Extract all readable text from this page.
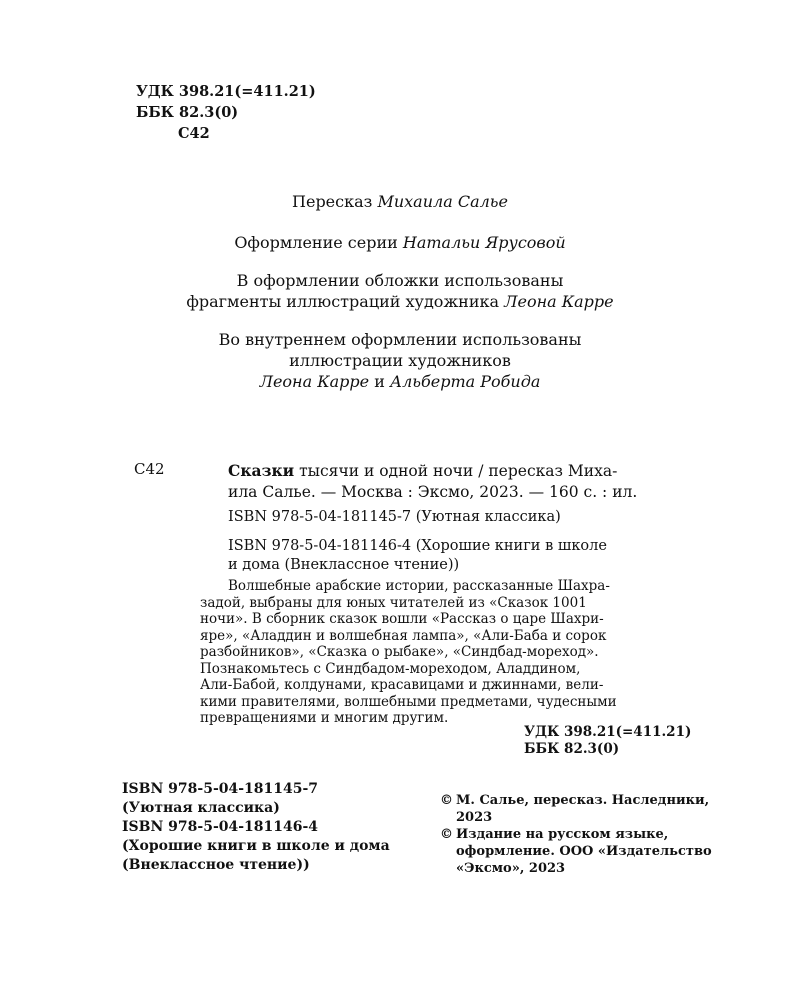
УДК 398.21(=411.21)
ББК 82.3(0)
С42
Пересказ Михаила Салье
Оформление серии Натальи Ярусовой
В оформлении обложки использованы
фрагменты иллюстраций художника Леона Карре
Во внутреннем оформлении использованы
иллюстрации художников
Леона Карре и Альберта Робида
С42	Сказки тысячи и одной ночи / пересказ Миха-
ила Салье. — Москва : Эксмо, 2023. — 160 с. : ил.
ISBN 978-5-04-181145-7 (Уютная классика)
ISBN 978-5-04-181146-4 (Хорошие книги в школе
и дома (Внеклассное чтение))
Волшебные арабские истории, рассказанные Шахра-
задой, выбраны для юных читателей из «Сказок 1001
ночи». В сборник сказок вошли «Рассказ о царе Шахри-
яре», «Аладдин и волшебная лампа», «Али-Баба и сорок
разбойников», «Сказка о рыбаке», «Синдбад-мореход».
Познакомьтесь с Синдбадом-мореходом, Аладдином,
Али-Бабой, колдунами, красавицами и джиннами, вели-
кими правителями, волшебными предметами, чудесными
превращениями и многим другим.
УДК 398.21(=411.21)
ББК 82.3(0)
ISBN 978-5-04-181145-7
(Уютная классика)
ISBN 978-5-04-181146-4
(Хорошие книги в школе и дома
(Внеклассное чтение))
© М. Салье, пересказ. Наследники, 2023
© Издание на русском языке, оформление. ООО «Издательство «Эксмо», 2023
